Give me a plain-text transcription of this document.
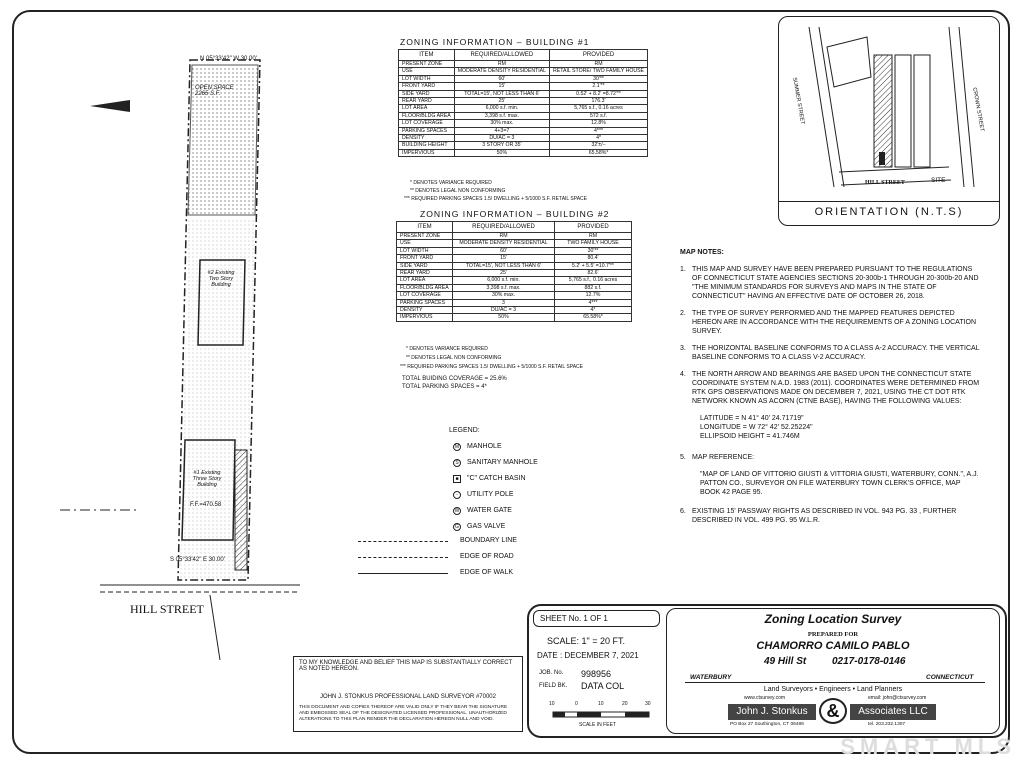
N 05°33'42" W 30.00'
S 05°33'42" E 30.00'
OPEN SPACE 2265 S.F.
#2 Existing Two Story Building
#1 Existing Three Story Building
F.F.=470.58
HILL STREET
ZONING INFORMATION – BUILDING #1
ITEM	REQUIRED/ALLOWED	PROVIDED
PRESENT ZONE	RM	RM
USE	MODERATE DENSITY RESIDENTIAL	RETAIL STORE/ TWO FAMILY HOUSE
LOT WIDTH	60'	30'**
FRONT YARD	15'	2.1'**
SIDE YARD	TOTAL=15', NOT LESS THAN 6'	0.52' + 8.2' =8.72'**
REAR YARD	25'	176.3'
LOT AREA	6,000 s.f. min.	5,765 s.f., 0.16 acres
FLOOR/BLDG AREA	3,398 s.f. max.	572 s.f.
LOT COVERAGE	30% max.	12.8%
PARKING SPACES	4+3=7	4***
DENSITY	DU/AC = 3	4*
BUILDING HEIGHT	3 STORY OR 35'	32'±/−
IMPERVIOUS	50%	65.58%*
* DENOTES VARIANCE REQUIRED
** DENOTES LEGAL NON CONFORMING
*** REQUIRED PARKING SPACES 1.5/ DWELLING + 5/1000 S.F. RETAIL SPACE
ZONING INFORMATION – BUILDING #2
ITEM	REQUIRED/ALLOWED	PROVIDED
PRESENT ZONE	RM	RM
USE	MODERATE DENSITY RESIDENTIAL	TWO FAMILY HOUSE
LOT WIDTH	60'	30'**
FRONT YARD	15'	80.4'
SIDE YARD	TOTAL=15', NOT LESS THAN 6'	5.2' + 5.5' =10.7'**
REAR YARD	25'	82.6'
LOT AREA	6,000 s.f. min.	5,765 s.f., 0.16 acres
FLOOR/BLDG AREA	3,398 s.f. max.	882 s.f.
LOT COVERAGE	30% max.	12.7%
PARKING SPACES	3	4***
DENSITY	DU/AC = 3	4*
IMPERVIOUS	50%	65.58%*
* DENOTES VARIANCE REQUIRED
** DENOTES LEGAL NON CONFORMING
*** REQUIRED PARKING SPACES 1.5/ DWELLING + 5/1000 S.F. RETAIL SPACE
TOTAL BUIDING COVERAGE = 25.6%
TOTAL PARKING SPACES = 4*
LEGEND:
M MANHOLE
S	SANITARY MANHOLE
■	"C" CATCH BASIN
◦	UTILITY POLE
W WATER GATE
G GAS VALVE
BOUNDARY LINE
EDGE OF ROAD
EDGE OF WALK
SUMMER STREET	CROWN STREET
HILL STREET	SITE
ORIENTATION (N.T.S)
MAP NOTES:
1. THIS MAP AND SURVEY HAVE BEEN PREPARED PURSUANT TO THE REGULATIONS OF CONNECTICUT STATE AGENCIES SECTIONS 20-300b-1 THROUGH 20-300b-20 AND "THE MINIMUM STANDARDS FOR SURVEYS AND MAPS IN THE STATE OF CONNECTICUT" HAVING AN EFFECTIVE DATE OF OCTOBER 26, 2018.
2. THE TYPE OF SURVEY PERFORMED AND THE MAPPED FEATURES DEPICTED HEREON ARE IN ACCORDANCE WITH THE REQUIREMENTS OF A ZONING LOCATION SURVEY.
3. THE HORIZONTAL BASELINE CONFORMS TO A CLASS A-2 ACCURACY. THE VERTICAL BASELINE CONFORMS TO A CLASS V-2 ACCURACY.
4. THE NORTH ARROW AND BEARINGS ARE BASED UPON THE CONNECTICUT STATE COORDINATE SYSTEM N.A.D. 1983 (2011). COORDINATES WERE DETERMINED FROM RTK GPS OBSERVATIONS MADE ON DECEMBER 7, 2021, USING THE CT DOT RTK NETWORK KNOWN AS ACORN (CTNE BASE), HAVING THE FOLLOWING VALUES:
LATITUDE = N 41° 40' 24.71719"
LONGITUDE = W 72° 42' 52.25224"
ELLIPSOID HEIGHT = 41.746M
5. MAP REFERENCE:
"MAP OF LAND OF VITTORIO GIUSTI & VITTORIA GIUSTI, WATERBURY, CONN.", A.J. PATTON CO., SURVEYOR ON FILE WATERBURY TOWN CLERK'S OFFICE, MAP BOOK 42 PAGE 95.
6. EXISTING 15' PASSWAY RIGHTS AS DESCRIBED IN VOL. 943 PG. 33 , FURTHER DESCRIBED IN VOL. 499 PG. 95 W.L.R.
TO MY KNOWLEDGE AND BELIEF THIS MAP IS SUBSTANTIALLY CORRECT AS NOTED HEREON.
JOHN J. STONKUS PROFESSIONAL LAND SURVEYOR #70002
THIS DOCUMENT AND COPIES THEREOF ARE VALID ONLY IF THEY BEAR THE SIGNATURE AND EMBOSSED SEAL OF THE DESIGNATED LICENSED PROFESSIONAL. UNAUTHORIZED ALTERATIONS TO THIS PLAN RENDER THE DECLARATION HEREON NULL AND VOID.
SHEET No. 1 OF 1
SCALE: 1" = 20 FT.
DATE : DECEMBER 7, 2021
JOB. No. 998956
FIELD BK. DATA COL
10	0	10	20	30
SCALE IN FEET
Zoning Location Survey
PREPARED FOR
CHAMORRO CAMILO PABLO
49 Hill St	0217-0178-0146
WATERBURY	CONNECTICUT
Land Surveyors • Engineers • Land Planners
www.ctsurvey.com	email: john@ctsurvey.com
John J. Stonkus	&	Associates LLC
PO Box 27 Southington, CT 06489	tel. 203.232.1307
SMART MLS
